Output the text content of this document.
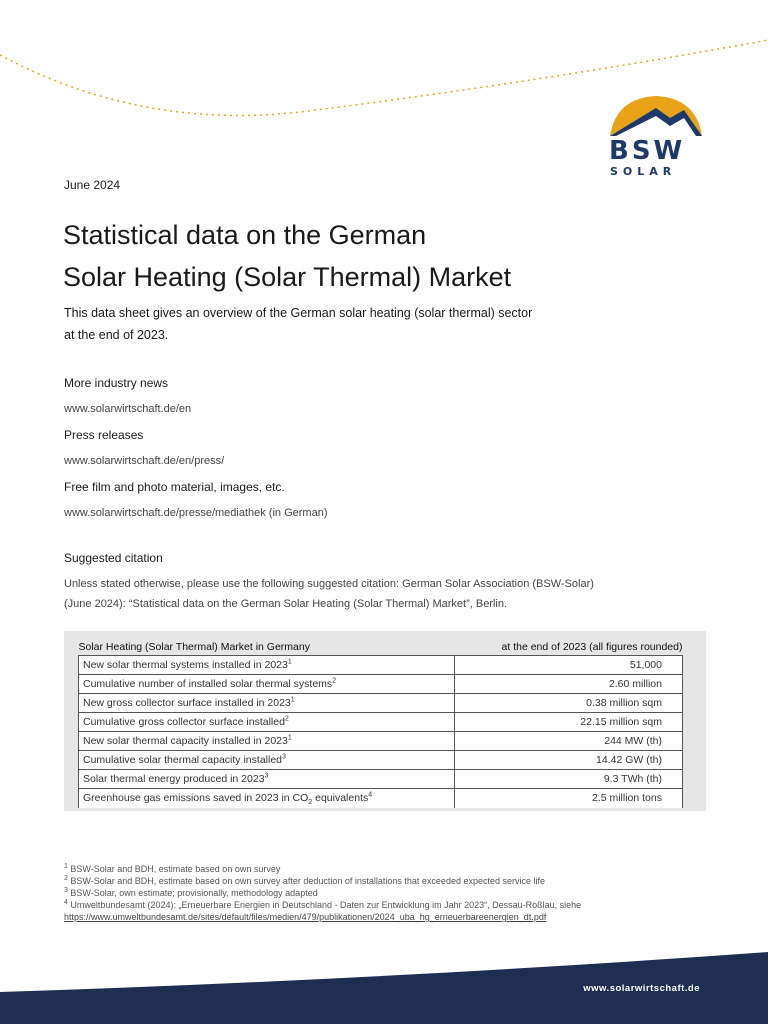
BSW
SOLAR
June 2024
Statistical data on the German
Solar Heating (Solar Thermal) Market
This data sheet gives an overview of the German solar heating (solar thermal) sector
at the end of 2023.
More industry news
www.solarwirtschaft.de/en
Press releases
www.solarwirtschaft.de/en/press/
Free film and photo material, images, etc.
www.solarwirtschaft.de/presse/mediathek (in German)
Suggested citation
Unless stated otherwise, please use the following suggested citation: German Solar Association (BSW-Solar)
(June 2024): “Statistical data on the German Solar Heating (Solar Thermal) Market”, Berlin.
Solar Heating (Solar Thermal) Market in Germany	at the end of 2023 (all figures rounded)
New solar thermal systems installed in 2023$^1$	51,000
Cumulative number of installed solar thermal systems$^2$	2.60 million
New gross collector surface installed in 2023$^1$	0.38 million sqm
Cumulative gross collector surface installed$^2$	22.15 million sqm
New solar thermal capacity installed in 2023$^1$	244 MW (th)
Cumulative solar thermal capacity installed$^3$	14.42 GW (th)
Solar thermal energy produced in 2023$^3$	9.3 TWh (th)
Greenhouse gas emissions saved in 2023 in $CO_2$ equivalents$^4$	2.5 million tons
$^1$ BSW-Solar and BDH, estimate based on own survey
$^2$ BSW-Solar and BDH, estimate based on own survey after deduction of installations that exceeded expected service life
$^3$ BSW-Solar, own estimate; provisionally, methodology adapted
$^4$ Umweltbundesamt (2024): „Erneuerbare Energien in Deutschland - Daten zur Entwicklung im Jahr 2023“, Dessau-Roßlau, siehe
https://www.umweltbundesamt.de/sites/default/files/medien/479/publikationen/2024_uba_hg_erneuerbareenergien_dt.pdf
www.solarwirtschaft.de
